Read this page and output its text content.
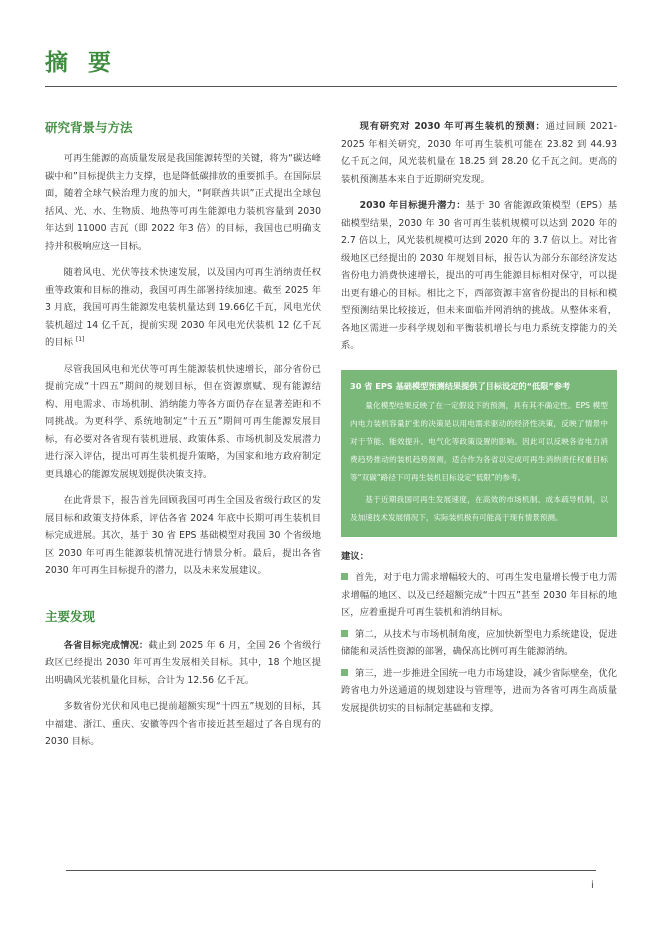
摘 要

研究背景与方法

可再生能源的高质量发展是我国能源转型的关键，将为“碳达峰碳中和”目标提供主力支撑，也是降低碳排放的重要抓手。在国际层面，随着全球气候治理力度的加大，“阿联酋共识”正式提出全球包括风、光、水、生物质、地热等可再生能源电力装机容量到 2030 年达到 11000 吉瓦（即 2022 年3 倍）的目标，我国也已明确支持并积极响应这一目标。

随着风电、光伏等技术快速发展，以及国内可再生消纳责任权重等政策和目标的推动，我国可再生部署持续加速。截至 2025 年 3 月底，我国可再生能源发电装机量达到 19.66亿千瓦，风电光伏装机超过 14 亿千瓦，提前实现 2030 年风电光伏装机 12 亿千瓦的目标 [1]

尽管我国风电和光伏等可再生能源装机快速增长，部分省份已提前完成“十四五”期间的规划目标，但在资源禀赋、现有能源结构、用电需求、市场机制、消纳能力等各方面仍存在显著差距和不同挑战。为更科学、系统地制定“十五五”期间可再生能源发展目标，有必要对各省现有装机进展、政策体系、市场机制及发展潜力进行深入评估，提出可再生装机提升策略，为国家和地方政府制定更具雄心的能源发展规划提供决策支持。

在此背景下，报告首先回顾我国可再生全国及省级行政区的发展目标和政策支持体系，评估各省 2024 年底中长期可再生装机目标完成进展。其次，基于 30 省 EPS 基础模型对我国 30 个省级地区 2030 年可再生能源装机情况进行情景分析。最后，提出各省 2030 年可再生目标提升的潜力，以及未来发展建议。

主要发现

各省目标完成情况：截止到 2025 年 6 月，全国 26 个省级行政区已经提出 2030 年可再生发展相关目标。其中，18 个地区提出明确风光装机量化目标，合计为 12.56 亿千瓦。

多数省份光伏和风电已提前超额实现“十四五”规划的目标，其中福建、浙江、重庆、安徽等四个省市接近甚至超过了各自现有的 2030 目标。

现有研究对 2030 年可再生装机的预测：通过回顾 2021-2025 年相关研究，2030 年可再生装机可能在 23.82 到 44.93 亿千瓦之间，风光装机量在 18.25 到 28.20 亿千瓦之间。更高的装机预测基本来自于近期研究发现。

2030 年目标提升潜力：基于 30 省能源政策模型（EPS）基础模型结果，2030 年 30 省可再生装机规模可以达到 2020 年的 2.7 倍以上，风光装机规模可达到 2020 年的 3.7 倍以上。对比省级地区已经提出的 2030 年规划目标，报告认为部分东部经济发达省份电力消费快速增长，提出的可再生能源目标相对保守，可以提出更有雄心的目标。相比之下，西部资源丰富省份提出的目标和模型预测结果比较接近，但未来面临并网消纳的挑战。从整体来看，各地区需进一步科学规划和平衡装机增长与电力系统支撑能力的关系。

30 省 EPS 基础模型预测结果提供了目标设定的“低限”参考

量化模型结果反映了在一定假设下的预测，具有其不确定性。EPS 模型内电力装机容量扩张的决策是以用电需求驱动的经济性决策，反映了情景中对于节能、能效提升、电气化等政策设置的影响。因此可以反映各省电力消费趋势推动的装机趋势预测，适合作为各省以完成可再生消纳责任权重目标等“双碳”路径下可再生装机目标设定“低限”的参考。

基于近期我国可再生发展速度，在高效的市场机制、成本疏导机制，以及加速技术发展情况下，实际装机极有可能高于现有情景预测。

建议：

首先，对于电力需求增幅较大的、可再生发电量增长慢于电力需求增幅的地区、以及已经超额完成“十四五”甚至 2030 年目标的地区，应着重提升可再生装机和消纳目标。

第二，从技术与市场机制角度，应加快新型电力系统建设，促进储能和灵活性资源的部署，确保高比例可再生能源消纳。

第三，进一步推进全国统一电力市场建设，减少省际壁垒，优化跨省电力外送通道的规划建设与管理等，进而为各省可再生高质量发展提供切实的目标制定基础和支撑。

i
